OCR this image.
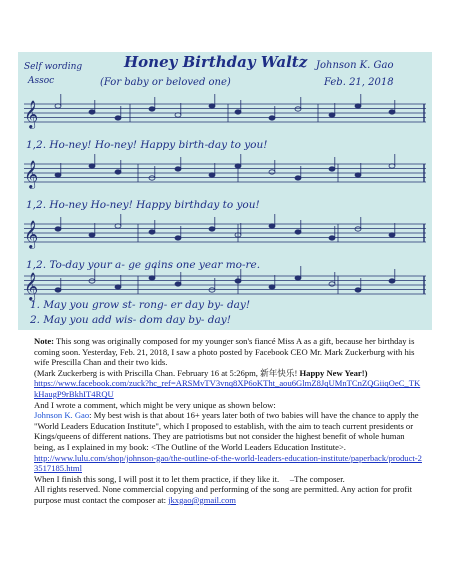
Self wording
Assoc
Honey Birthday Waltz
(For baby or beloved one)
Johnson K. Gao
Feb. 21, 2018
𝄞
𝄞
𝄞
𝄞
1,2. Ho-ney! Ho-ney! Happy birth-day to you!
1,2. Ho-ney Ho-ney! Happy birthday to you!
1,2. To-day your a- ge gains one year mo-re.
1. May you grow st- rong- er day by- day!
2. May you add wis- dom day by- day!

Note: This song was originally composed for my younger son's fiancé Miss A as a gift, because her birthday is coming soon. Yesterday, Feb. 21, 2018, I saw a photo posted by Facebook CEO Mr. Mark Zuckerburg with his wife Prescilla Chan and their two kids.

(Mark Zuckerberg is with Priscilla Chan. February 16 at 5:26pm, 新年快乐! Happy New Year!)

https://www.facebook.com/zuck?hc_ref=ARSMvTV3vnq8XP6oKTht_aou6GlmZ8JqUMnTCnZQGiiqOeC_TKkHaugP9rBkhIT4RQU

And I wrote a comment, which might be very unique as shown below:

Johnson K. Gao: My best wish is that about 16+ years later both of two babies will have the chance to apply the "World Leaders Education Institute", which I proposed to establish, with the aim to teach current presidents or Kings/queens of different nations. They are patriotisms but not consider the highest benefit of whole human being, as I explained in my book: <The Outline of the World Leaders Education Institute>.

http://www.lulu.com/shop/johnson-gao/the-outline-of-the-world-leaders-education-institute/paperback/product-23517185.html

When I finish this song, I will post it to let them practice, if they like it. –The composer.

All rights reserved. None commercial copying and performing of the song are permitted. Any action for profit purpose must contact the composer at: jkxgao@gmail.com
